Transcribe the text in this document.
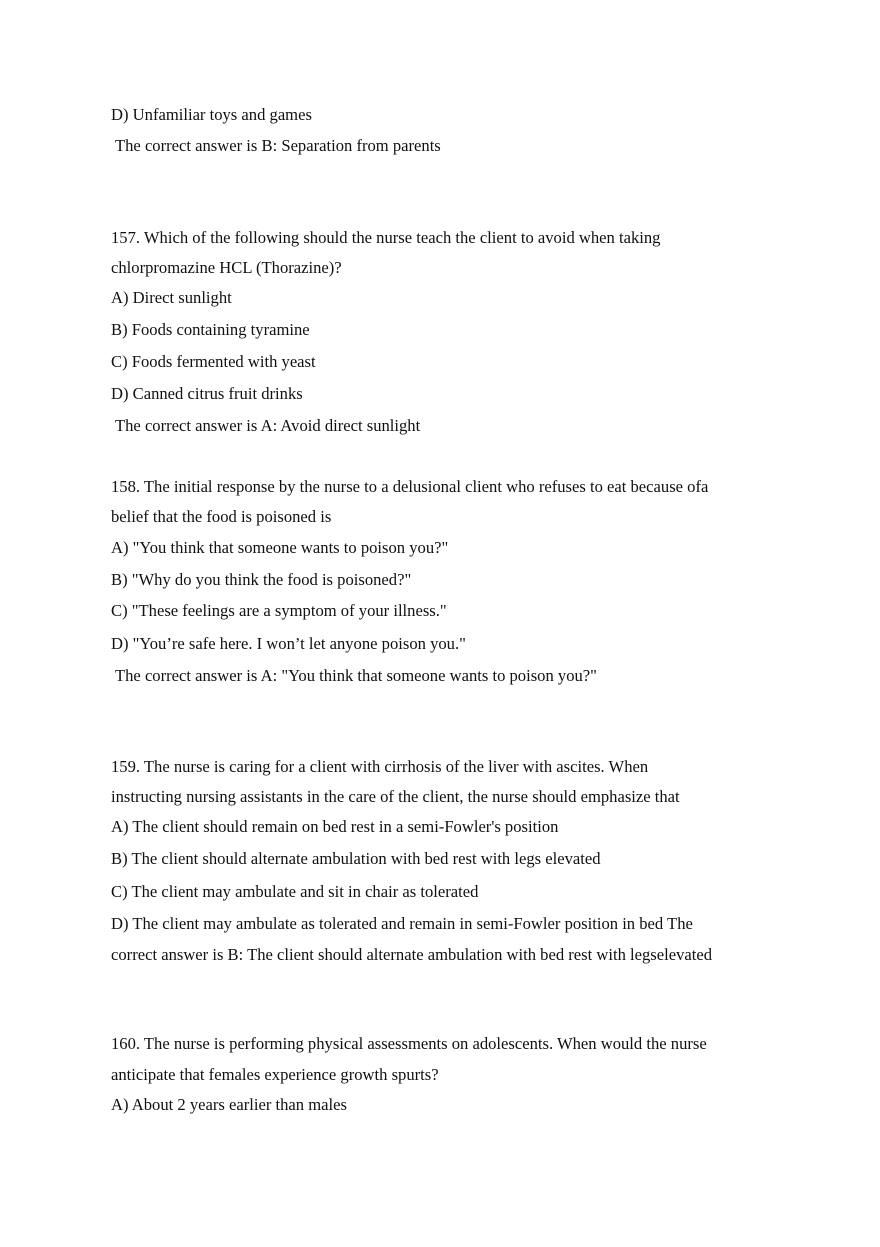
D) Unfamiliar toys and games
The correct answer is B: Separation from parents
157. Which of the following should the nurse teach the client to avoid when taking
chlorpromazine HCL (Thorazine)?
A) Direct sunlight
B) Foods containing tyramine
C) Foods fermented with yeast
D) Canned citrus fruit drinks
The correct answer is A: Avoid direct sunlight
158. The initial response by the nurse to a delusional client who refuses to eat because ofa
belief that the food is poisoned is
A) "You think that someone wants to poison you?"
B) "Why do you think the food is poisoned?"
C) "These feelings are a symptom of your illness."
D) "You’re safe here. I won’t let anyone poison you."
The correct answer is A: "You think that someone wants to poison you?"
159. The nurse is caring for a client with cirrhosis of the liver with ascites. When
instructing nursing assistants in the care of the client, the nurse should emphasize that
A) The client should remain on bed rest in a semi-Fowler's position
B) The client should alternate ambulation with bed rest with legs elevated
C) The client may ambulate and sit in chair as tolerated
D) The client may ambulate as tolerated and remain in semi-Fowler position in bed The
correct answer is B: The client should alternate ambulation with bed rest with legselevated
160. The nurse is performing physical assessments on adolescents. When would the nurse
anticipate that females experience growth spurts?
A) About 2 years earlier than males
